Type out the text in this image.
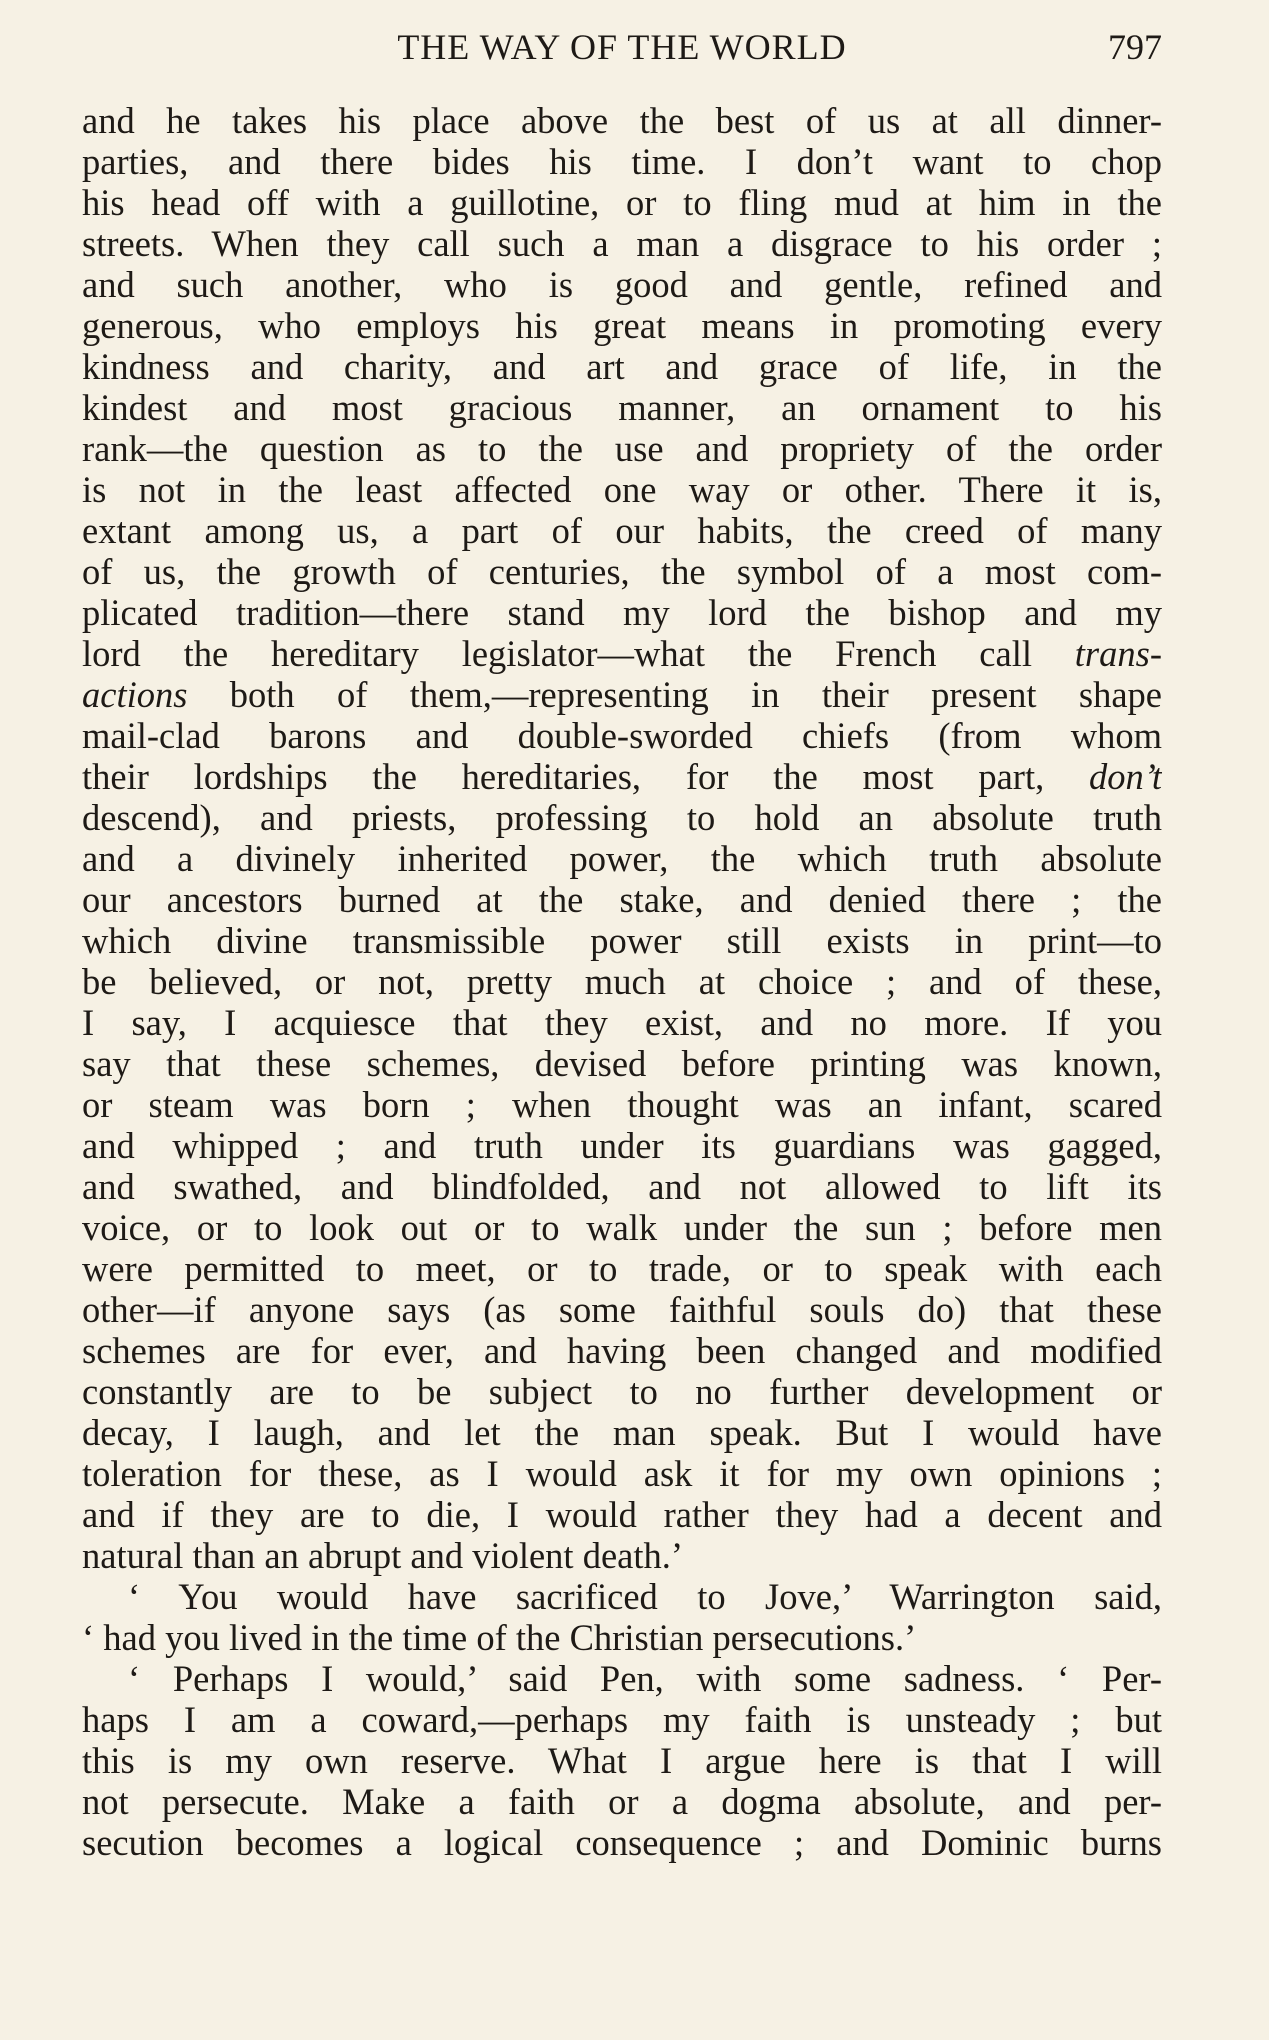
THE WAY OF THE WORLD	797
and he takes his place above the best of us at all dinner-
parties, and there bides his time. I don’t want to chop
his head off with a guillotine, or to fling mud at him in the
streets. When they call such a man a disgrace to his order ;
and such another, who is good and gentle, refined and
generous, who employs his great means in promoting every
kindness and charity, and art and grace of life, in the
kindest and most gracious manner, an ornament to his
rank—the question as to the use and propriety of the order
is not in the least affected one way or other. There it is,
extant among us, a part of our habits, the creed of many
of us, the growth of centuries, the symbol of a most com-
plicated tradition—there stand my lord the bishop and my
lord the hereditary legislator—what the French call trans-
actions both of them,—representing in their present shape
mail-clad barons and double-sworded chiefs (from whom
their lordships the hereditaries, for the most part, don’t
descend), and priests, professing to hold an absolute truth
and a divinely inherited power, the which truth absolute
our ancestors burned at the stake, and denied there ; the
which divine transmissible power still exists in print—to
be believed, or not, pretty much at choice ; and of these,
I say, I acquiesce that they exist, and no more. If you
say that these schemes, devised before printing was known,
or steam was born ; when thought was an infant, scared
and whipped ; and truth under its guardians was gagged,
and swathed, and blindfolded, and not allowed to lift its
voice, or to look out or to walk under the sun ; before men
were permitted to meet, or to trade, or to speak with each
other—if anyone says (as some faithful souls do) that these
schemes are for ever, and having been changed and modified
constantly are to be subject to no further development or
decay, I laugh, and let the man speak. But I would have
toleration for these, as I would ask it for my own opinions ;
and if they are to die, I would rather they had a decent and
natural than an abrupt and violent death.’
‘ You would have sacrificed to Jove,’ Warrington said,
‘ had you lived in the time of the Christian persecutions.’
‘ Perhaps I would,’ said Pen, with some sadness. ‘ Per-
haps I am a coward,—perhaps my faith is unsteady ; but
this is my own reserve. What I argue here is that I will
not persecute. Make a faith or a dogma absolute, and per-
secution becomes a logical consequence ; and Dominic burns
